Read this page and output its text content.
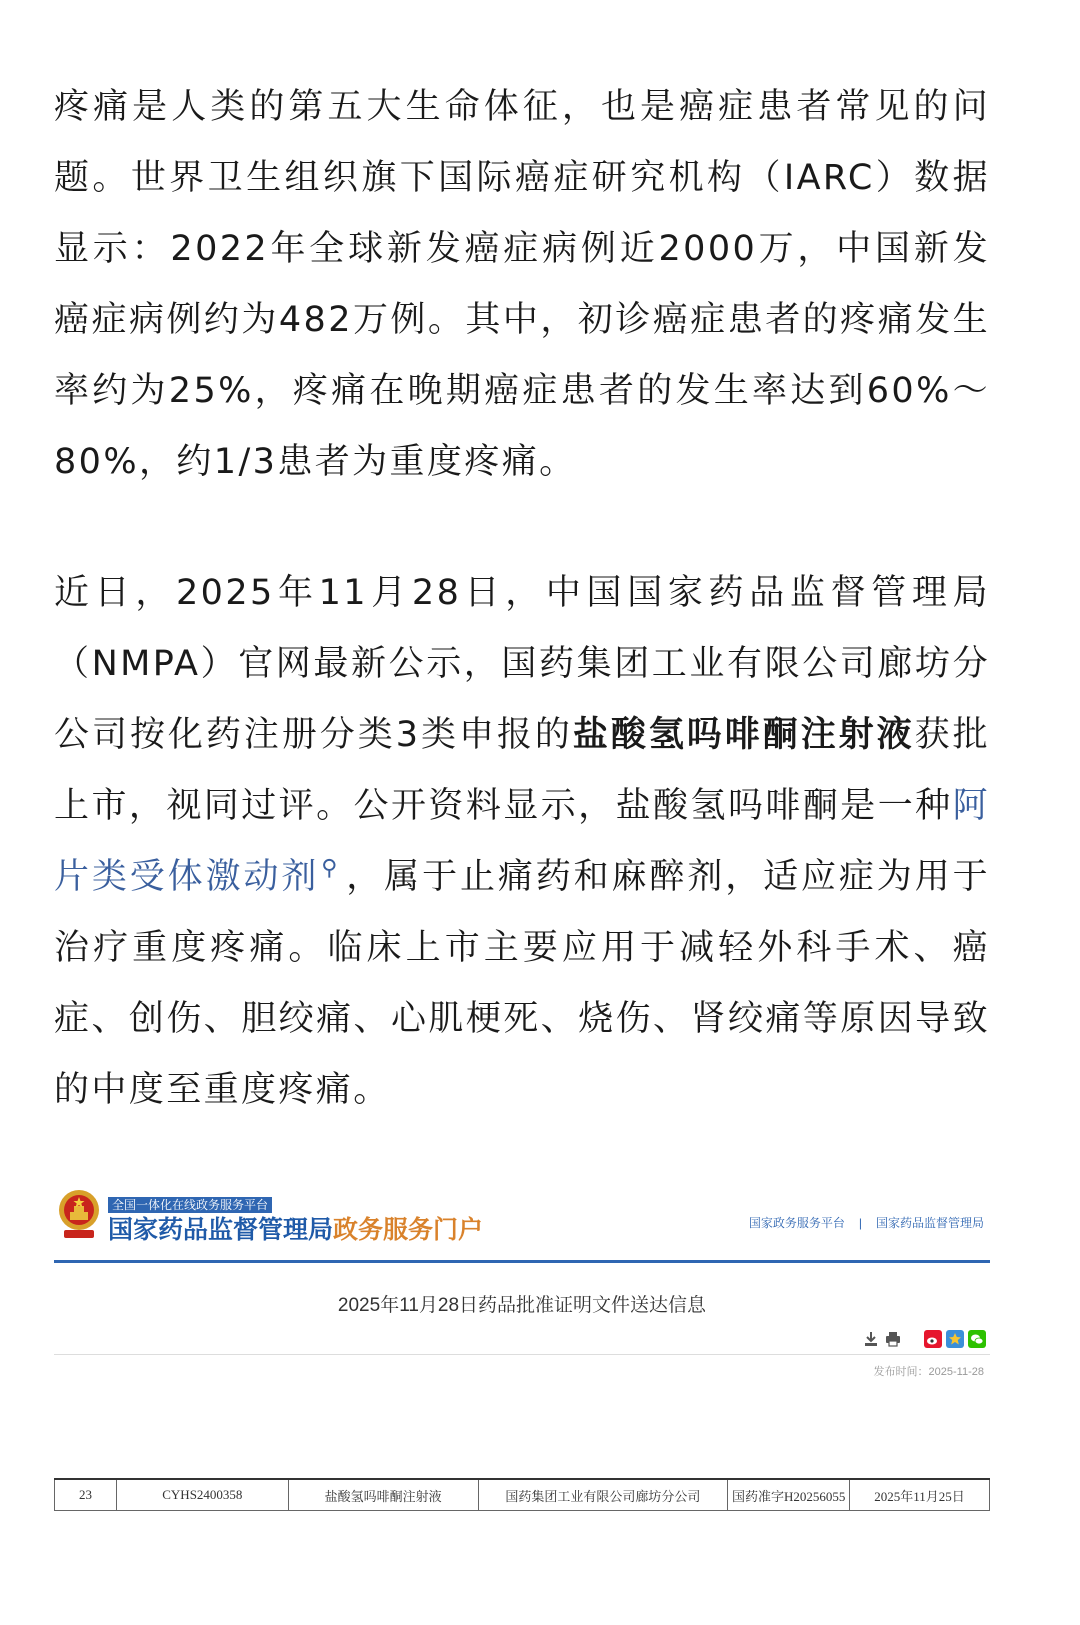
疼痛是人类的第五大生命体征，也是癌症患者常见的问题。世界卫生组织旗下国际癌症研究机构（IARC）数据显示：2022年全球新发癌症病例近2000万，中国新发癌症病例约为482万例。其中，初诊癌症患者的疼痛发生率约为25%，疼痛在晚期癌症患者的发生率达到60%～80%，约1/3患者为重度疼痛。

近日，2025年11月28日，中国国家药品监督管理局（NMPA）官网最新公示，国药集团工业有限公司廊坊分公司按化药注册分类3类申报的盐酸氢吗啡酮注射液获批上市，视同过评。公开资料显示，盐酸氢吗啡酮是一种阿片类受体激动剂⚲ ，属于止痛药和麻醉剂，适应症为用于治疗重度疼痛。临床上市主要应用于减轻外科手术、癌症、创伤、胆绞痛、心肌梗死、烧伤、肾绞痛等原因导致的中度至重度疼痛。

全国一体化在线政务服务平台
国家药品监督管理局政务服务门户	国家政务服务平台 | 国家药品监督管理局
2025年11月28日药品批准证明文件送达信息
发布时间：2025-11-28
23	CYHS2400358	盐酸氢吗啡酮注射液	国药集团工业有限公司廊坊分公司	国药准字H20256055	2025年11月25日
